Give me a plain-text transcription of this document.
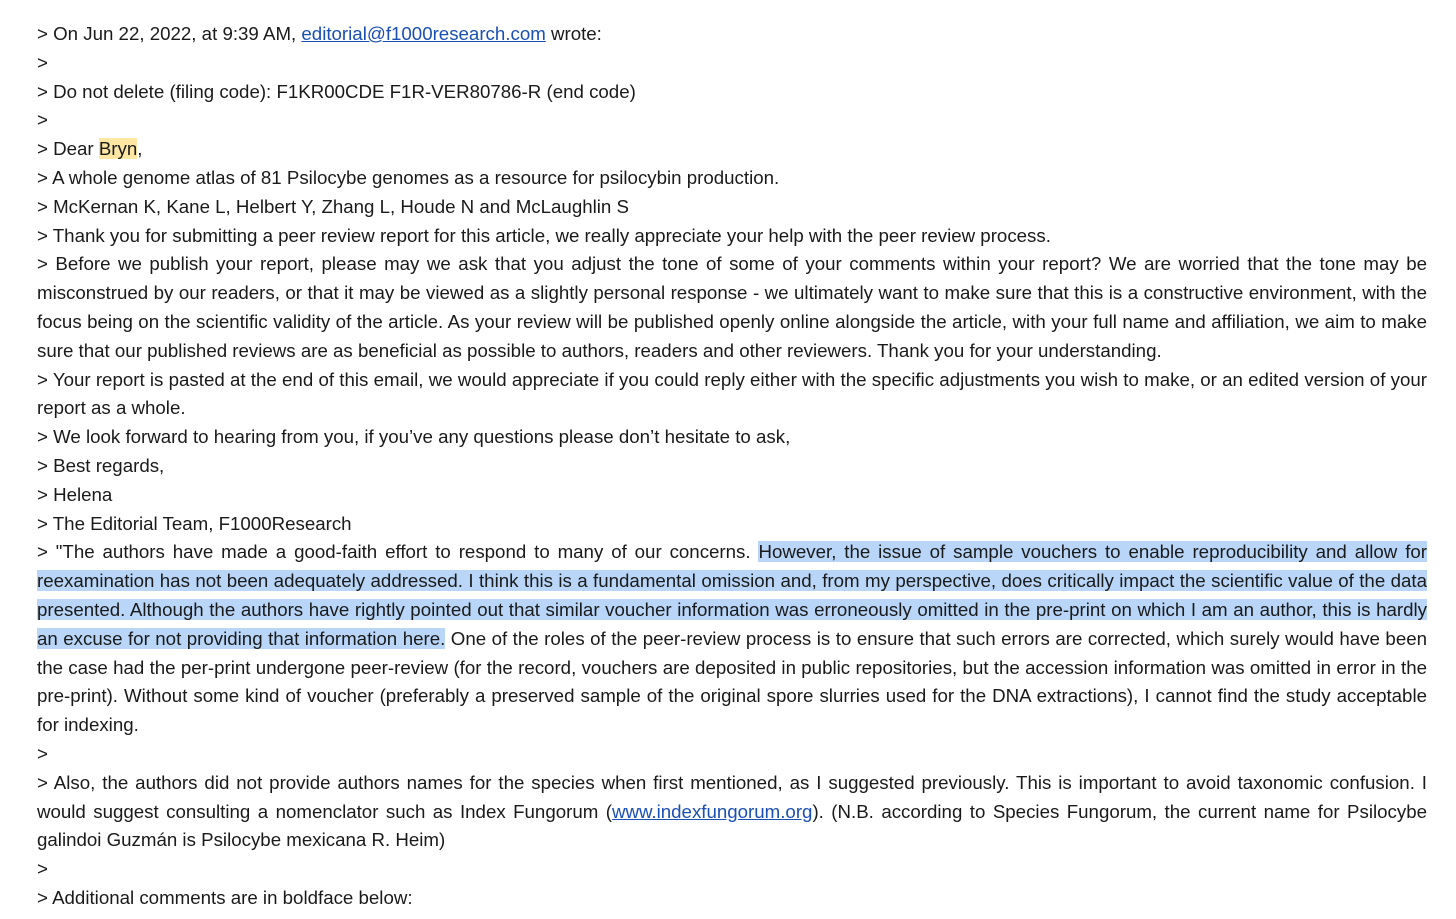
> On Jun 22, 2022, at 9:39 AM, editorial@f1000research.com wrote:

>

> Do not delete (filing code): F1KR00CDE F1R-VER80786-R (end code)

>

> Dear Bryn,

> A whole genome atlas of 81 Psilocybe genomes as a resource for psilocybin production.

> McKernan K, Kane L, Helbert Y, Zhang L, Houde N and McLaughlin S

> Thank you for submitting a peer review report for this article, we really appreciate your help with the peer review process.

> Before we publish your report, please may we ask that you adjust the tone of some of your comments within your report? We are worried that the tone may be misconstrued by our readers, or that it may be viewed as a slightly personal response - we ultimately want to make sure that this is a constructive environment, with the focus being on the scientific validity of the article. As your review will be published openly online alongside the article, with your full name and affiliation, we aim to make sure that our published reviews are as beneficial as possible to authors, readers and other reviewers. Thank you for your understanding.

> Your report is pasted at the end of this email, we would appreciate if you could reply either with the specific adjustments you wish to make, or an edited version of your report as a whole.

> We look forward to hearing from you, if you’ve any questions please don’t hesitate to ask,

> Best regards,

> Helena

> The Editorial Team, F1000Research

> "The authors have made a good-faith effort to respond to many of our concerns. However, the issue of sample vouchers to enable reproducibility and allow for reexamination has not been adequately addressed. I think this is a fundamental omission and, from my perspective, does critically impact the scientific value of the data presented. Although the authors have rightly pointed out that similar voucher information was erroneously omitted in the pre-print on which I am an author, this is hardly an excuse for not providing that information here. One of the roles of the peer-review process is to ensure that such errors are corrected, which surely would have been the case had the per-print undergone peer-review (for the record, vouchers are deposited in public repositories, but the accession information was omitted in error in the pre-print). Without some kind of voucher (preferably a preserved sample of the original spore slurries used for the DNA extractions), I cannot find the study acceptable for indexing.

>

> Also, the authors did not provide authors names for the species when first mentioned, as I suggested previously. This is important to avoid taxonomic confusion. I would suggest consulting a nomenclator such as Index Fungorum (www.indexfungorum.org). (N.B. according to Species Fungorum, the current name for Psilocybe galindoi Guzmán is Psilocybe mexicana R. Heim)

>

> Additional comments are in boldface below:
